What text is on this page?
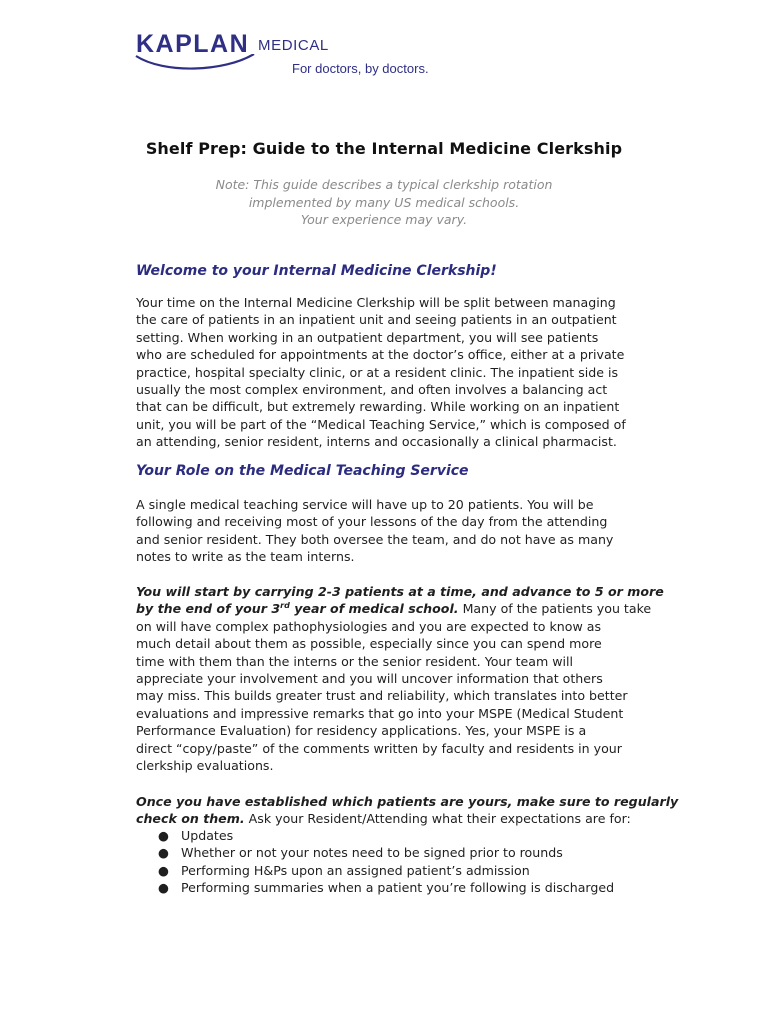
KAPLAN MEDICAL
For doctors, by doctors.
Shelf Prep: Guide to the Internal Medicine Clerkship
Note: This guide describes a typical clerkship rotation
implemented by many US medical schools.
Your experience may vary.
Welcome to your Internal Medicine Clerkship!
Your time on the Internal Medicine Clerkship will be split between managing
the care of patients in an inpatient unit and seeing patients in an outpatient
setting. When working in an outpatient department, you will see patients
who are scheduled for appointments at the doctor’s office, either at a private
practice, hospital specialty clinic, or at a resident clinic. The inpatient side is
usually the most complex environment, and often involves a balancing act
that can be difficult, but extremely rewarding. While working on an inpatient
unit, you will be part of the “Medical Teaching Service,” which is composed of
an attending, senior resident, interns and occasionally a clinical pharmacist.
Your Role on the Medical Teaching Service
A single medical teaching service will have up to 20 patients. You will be
following and receiving most of your lessons of the day from the attending
and senior resident. They both oversee the team, and do not have as many
notes to write as the team interns.
You will start by carrying 2-3 patients at a time, and advance to 5 or more
by the end of your 3rd year of medical school. Many of the patients you take
on will have complex pathophysiologies and you are expected to know as
much detail about them as possible, especially since you can spend more
time with them than the interns or the senior resident. Your team will
appreciate your involvement and you will uncover information that others
may miss. This builds greater trust and reliability, which translates into better
evaluations and impressive remarks that go into your MSPE (Medical Student
Performance Evaluation) for residency applications. Yes, your MSPE is a
direct “copy/paste” of the comments written by faculty and residents in your
clerkship evaluations.
Once you have established which patients are yours, make sure to regularly
check on them. Ask your Resident/Attending what their expectations are for:
● Updates
● Whether or not your notes need to be signed prior to rounds
● Performing H&Ps upon an assigned patient’s admission
● Performing summaries when a patient you’re following is discharged
